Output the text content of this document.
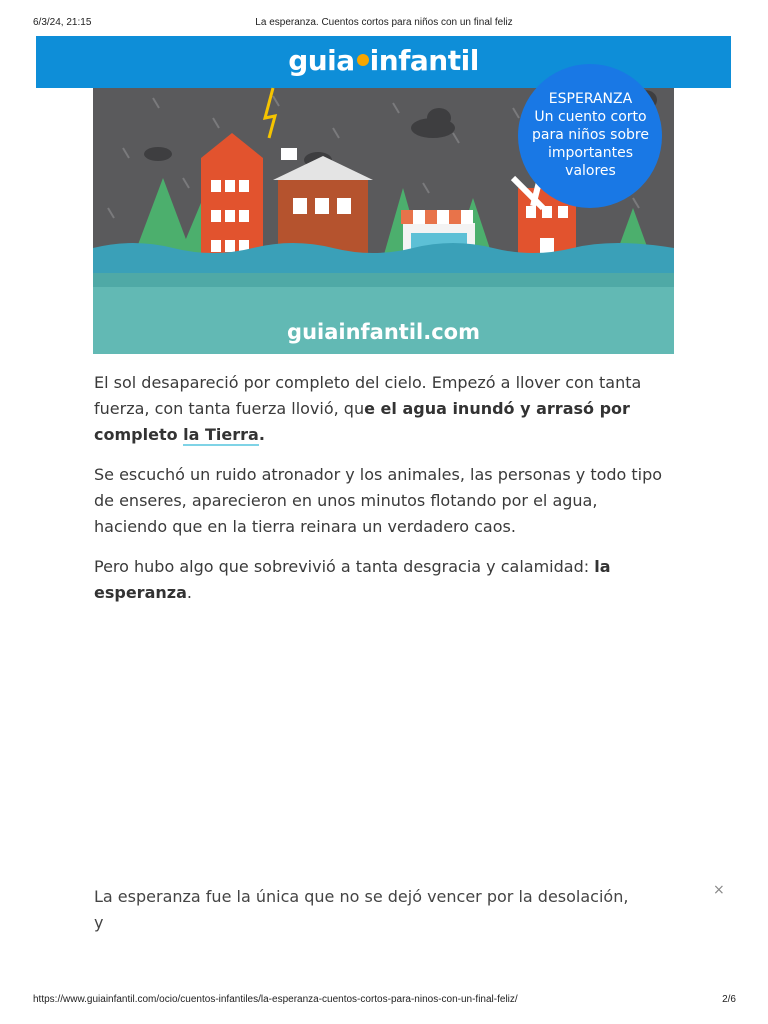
6/3/24, 21:15	La esperanza. Cuentos cortos para niños con un final feliz
guia infantil
ESPERANZA
Un cuento corto
para niños sobre
importantes
valores
guiainfantil.com

El sol desapareció por completo del cielo. Empezó a llover con tanta fuerza, con tanta fuerza llovió, que el agua inundó y arrasó por completo la Tierra.

Se escuchó un ruido atronador y los animales, las personas y todo tipo de enseres, aparecieron en unos minutos flotando por el agua, haciendo que en la tierra reinara un verdadero caos.

Pero hubo algo que sobrevivió a tanta desgracia y calamidad: la esperanza.

La esperanza fue la única que no se dejó vencer por la desolación, y
×
https://www.guiainfantil.com/ocio/cuentos-infantiles/la-esperanza-cuentos-cortos-para-ninos-con-un-final-feliz/	2/6
